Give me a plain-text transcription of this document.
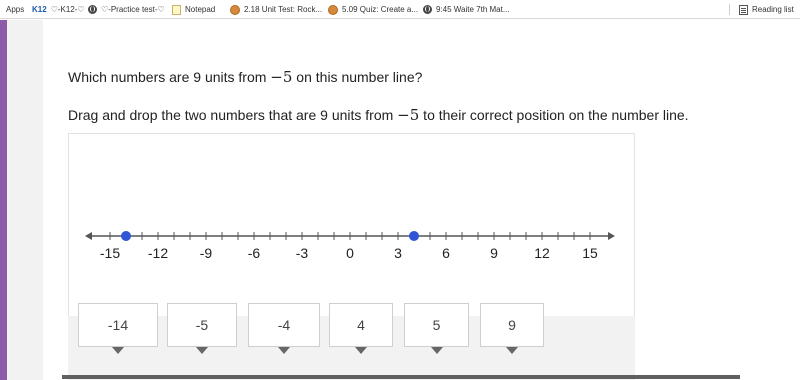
Apps K12 ♡-K12-♡ ♡-Practice test-♡	Notepad	2.18 Unit Test: Rock... 5.09 Quiz: Create a... 9:45 Waite 7th Mat...	Reading list
Which numbers are 9 units from −5 on this number line?
Drag and drop the two numbers that are 9 units from −5 to their correct position on the number line.
-15 -12 -9	-6	-3	0	3	6	9	12 15
-14	-5	-4	4	5	9
